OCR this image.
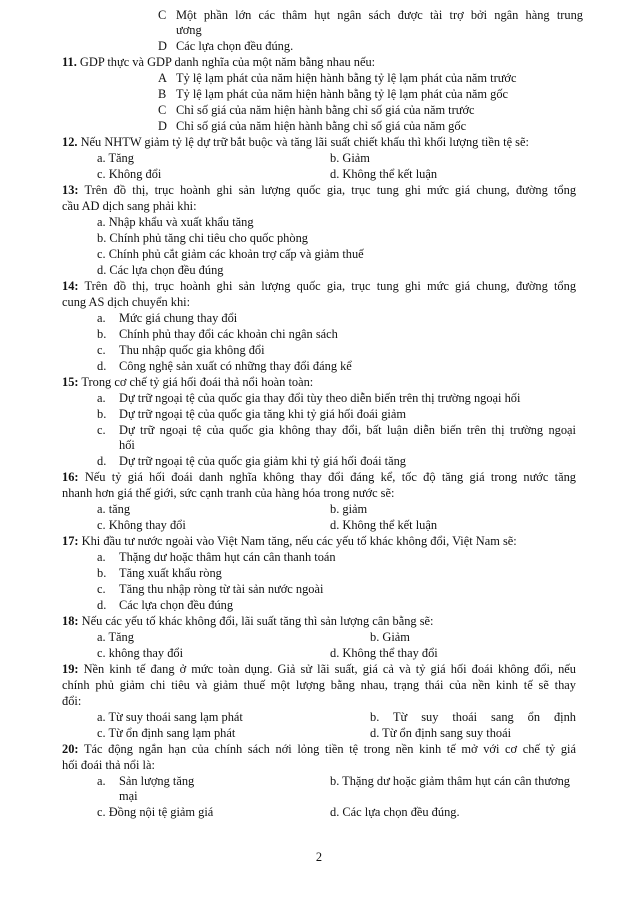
C Một phần lớn các thâm hụt ngân sách được tài trợ bởi ngân hàng trung
ương
D Các lựa chọn đều đúng.
11. GDP thực và GDP danh nghĩa của một năm bằng nhau nếu:
A Tỷ lệ lạm phát của năm hiện hành bằng tỷ lệ lạm phát của năm trước
B Tỷ lệ lạm phát của năm hiện hành bằng tỷ lệ lạm phát của năm gốc
C Chỉ số giá của năm hiện hành bằng chỉ số giá của năm trước
D Chỉ số giá của năm hiện hành bằng chỉ số giá của năm gốc
12. Nếu NHTW giảm tỷ lệ dự trữ bắt buộc và tăng lãi suất chiết khấu thì khối lượng tiền tệ sẽ:
a. Tăng	b. Giảm
c. Không đổi	d. Không thể kết luận
13: Trên đồ thị, trục hoành ghi sản lượng quốc gia, trục tung ghi mức giá chung, đường tổng
cầu AD dịch sang phải khi:
a. Nhập khẩu và xuất khẩu tăng
b. Chính phủ tăng chi tiêu cho quốc phòng
c. Chính phủ cắt giảm các khoản trợ cấp và giảm thuế
d. Các lựa chọn đều đúng
14: Trên đồ thị, trục hoành ghi sản lượng quốc gia, trục tung ghi mức giá chung, đường tổng
cung AS dịch chuyển khi:
a. Mức giá chung thay đổi
b. Chính phủ thay đổi các khoản chi ngân sách
c. Thu nhập quốc gia không đổi
d. Công nghệ sản xuất có những thay đổi đáng kể
15: Trong cơ chế tỷ giá hối đoái thả nổi hoàn toàn:
a. Dự trữ ngoại tệ của quốc gia thay đổi tùy theo diễn biến trên thị trường ngoại hối
b. Dự trữ ngoại tệ của quốc gia tăng khi tỷ giá hối đoái giảm
c. Dự trữ ngoại tệ của quốc gia không thay đổi, bất luận diễn biến trên thị trường ngoại
hối
d. Dự trữ ngoại tệ của quốc gia giảm khi tỷ giá hối đoái tăng
16: Nếu tỷ giá hối đoái danh nghĩa không thay đổi đáng kể, tốc độ tăng giá trong nước tăng
nhanh hơn giá thế giới, sức cạnh tranh của hàng hóa trong nước sẽ:
a. tăng	b. giảm
c. Không thay đổi	d. Không thể kết luận
17: Khi đầu tư nước ngoài vào Việt Nam tăng, nếu các yếu tố khác không đổi, Việt Nam sẽ:
a. Thặng dư hoặc thâm hụt cán cân thanh toán
b. Tăng xuất khẩu ròng
c. Tăng thu nhập ròng từ tài sản nước ngoài
d. Các lựa chọn đều đúng
18: Nếu các yếu tố khác không đổi, lãi suất tăng thì sản lượng cân bằng sẽ:
a. Tăng	b. Giảm
c. không thay đổi	d. Không thể thay đổi
19: Nền kinh tế đang ở mức toàn dụng. Giả sử lãi suất, giá cả và tỷ giá hối đoái không đổi, nếu
chính phủ giảm chi tiêu và giảm thuế một lượng bằng nhau, trạng thái của nền kinh tế sẽ thay
đổi:
a. Từ suy thoái sang lạm phát	b. Từ suy thoái sang ổn định
c. Từ ổn định sang lạm phát	d. Từ ổn định sang suy thoái
20: Tác động ngắn hạn của chính sách nới lỏng tiền tệ trong nền kinh tế mở với cơ chế tỷ giá
hối đoái thả nổi là:
a. Sản lượng tăng	b. Thặng dư hoặc giảm thâm hụt cán cân thương
mại
c. Đồng nội tệ giảm giá	d. Các lựa chọn đều đúng.
2
